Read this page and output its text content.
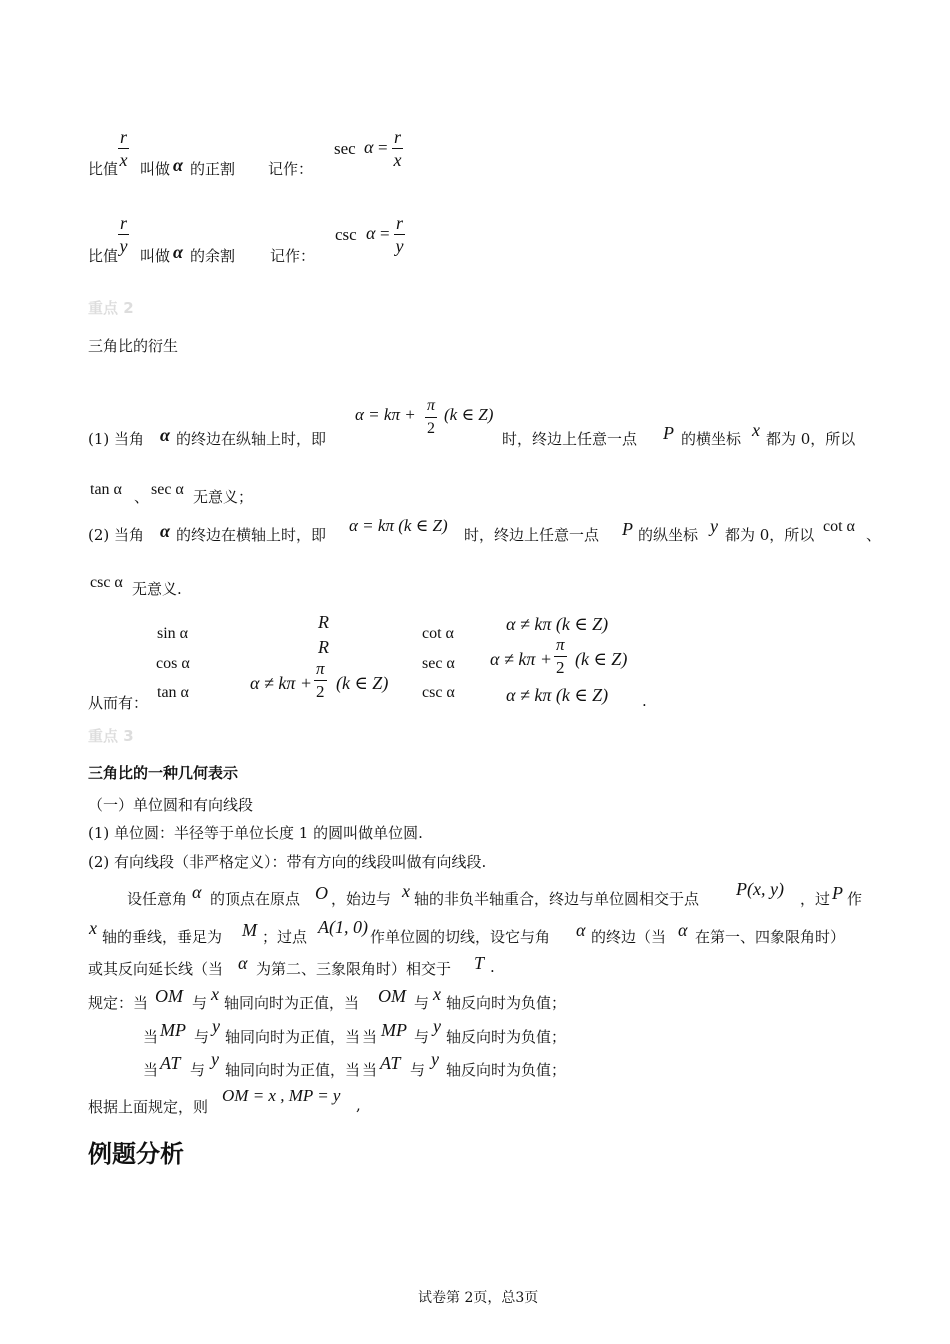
比值 $\frac{r}{x}$ 叫做 α 的正割 记作：
$\sec \alpha = \frac{r}{x}$
比值 $\frac{r}{y}$ 叫做 α 的余割 记作：
$\csc \alpha = \frac{r}{y}$
重点 2
三角比的衍生
(1) 当角 α 的终边在纵轴上时，即
$\alpha = k\pi + \frac{\pi}{2} (k$ ∈ Z)
时，终边上任意一点 P 的横坐标 x 都为 0，所以
tan α 、 sec α 无意义；
(2) 当角 α 的终边在横轴上时，即 α = kπ (k ∈ Z) 时，终边上任意一点 P 的纵坐标 y 都为 0，所以 cot α 、
csc α 无意义.
从而有：
sin α
cos α
tan α
R
R
$\alpha \ne k\pi + \frac{\pi}{2} (k$ ∈ Z)
cot α
sec α
csc α
α ≠ kπ (k ∈ Z)
$\alpha \ne k\pi + \frac{\pi}{2} (k$ ∈ Z)
α ≠ kπ (k ∈ Z) .
重点 3
三角比的一种几何表示
（一）单位圆和有向线段
(1) 单位圆：半径等于单位长度 1 的圆叫做单位圆.
(2) 有向线段（非严格定义）：带有方向的线段叫做有向线段.
设任意角 α 的顶点在原点 O ，始边与 x 轴的非负半轴重合，终边与单位圆相交于点 P(x, y) ，过 P 作
x 轴的垂线，垂足为 M ；过点 A(1, 0) 作单位圆的切线，设它与角 α 的终边（当 α 在第一、四象限角时）
或其反向延长线（当 α 为第二、三象限角时）相交于 T .
规定：当 OM 与 x 轴同向时为正值，当 OM 与 x 轴反向时为负值；
当 MP 与
y
轴同向时为正值，当 当 MP 与
y
轴反向时为负值；
当 AT 与
y
轴同向时为正值，当 当 AT 与
y
轴反向时为负值；
根据上面规定，则
OM = x , MP = y ,
例题分析
试卷第 2页，总3页
